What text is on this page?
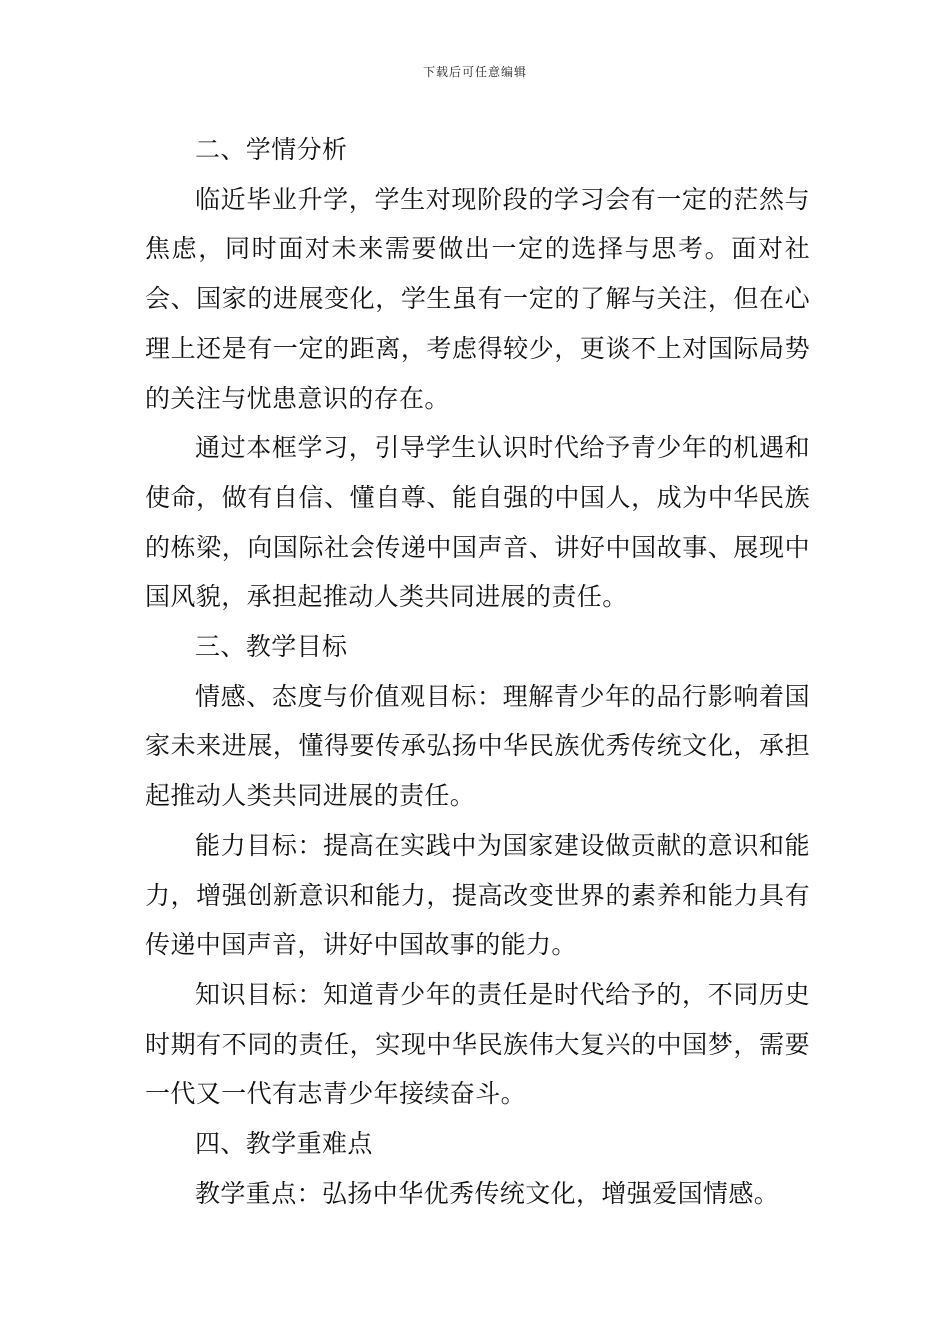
下载后可任意编辑

二、学情分析

临近毕业升学，学生对现阶段的学习会有一定的茫然与焦虑，同时面对未来需要做出一定的选择与思考。面对社会、国家的进展变化，学生虽有一定的了解与关注，但在心理上还是有一定的距离，考虑得较少，更谈不上对国际局势的关注与忧患意识的存在。

通过本框学习，引导学生认识时代给予青少年的机遇和使命，做有自信、懂自尊、能自强的中国人，成为中华民族的栋梁，向国际社会传递中国声音、讲好中国故事、展现中国风貌，承担起推动人类共同进展的责任。

三、教学目标

情感、态度与价值观目标：理解青少年的品行影响着国家未来进展，懂得要传承弘扬中华民族优秀传统文化，承担起推动人类共同进展的责任。

能力目标：提高在实践中为国家建设做贡献的意识和能力，增强创新意识和能力，提高改变世界的素养和能力具有传递中国声音，讲好中国故事的能力。

知识目标：知道青少年的责任是时代给予的，不同历史时期有不同的责任，实现中华民族伟大复兴的中国梦，需要一代又一代有志青少年接续奋斗。

四、教学重难点

教学重点：弘扬中华优秀传统文化，增强爱国情感。
